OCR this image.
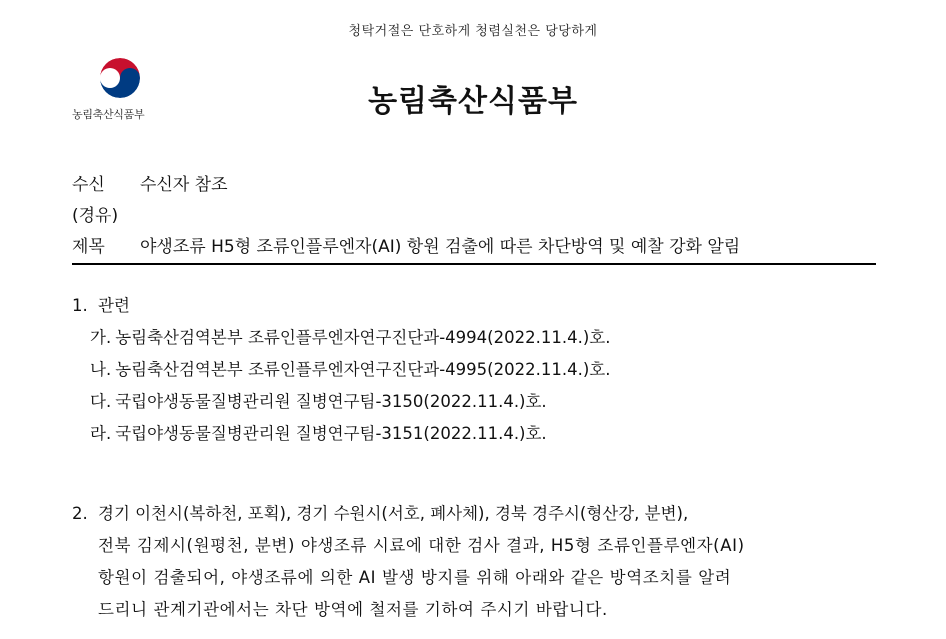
청탁거절은 단호하게 청렴실천은 당당하게
농림축산식품부	농림축산식품부
수신 수신자 참조
(경유)
제목 야생조류 H5형 조류인플루엔자(AI) 항원 검출에 따른 차단방역 및 예찰 강화 알림
1. 관련
가. 농림축산검역본부 조류인플루엔자연구진단과-4994(2022.11.4.)호.
나. 농림축산검역본부 조류인플루엔자연구진단과-4995(2022.11.4.)호.
다. 국립야생동물질병관리원 질병연구팀-3150(2022.11.4.)호.
라. 국립야생동물질병관리원 질병연구팀-3151(2022.11.4.)호.
2. 경기 이천시(복하천, 포획), 경기 수원시(서호, 폐사체), 경북 경주시(형산강, 분변),
전북 김제시(원평천, 분변) 야생조류 시료에 대한 검사 결과, H5형 조류인플루엔자(AI)
항원이 검출되어, 야생조류에 의한 AI 발생 방지를 위해 아래와 같은 방역조치를 알려
드리니 관계기관에서는 차단 방역에 철저를 기하여 주시기 바랍니다.
